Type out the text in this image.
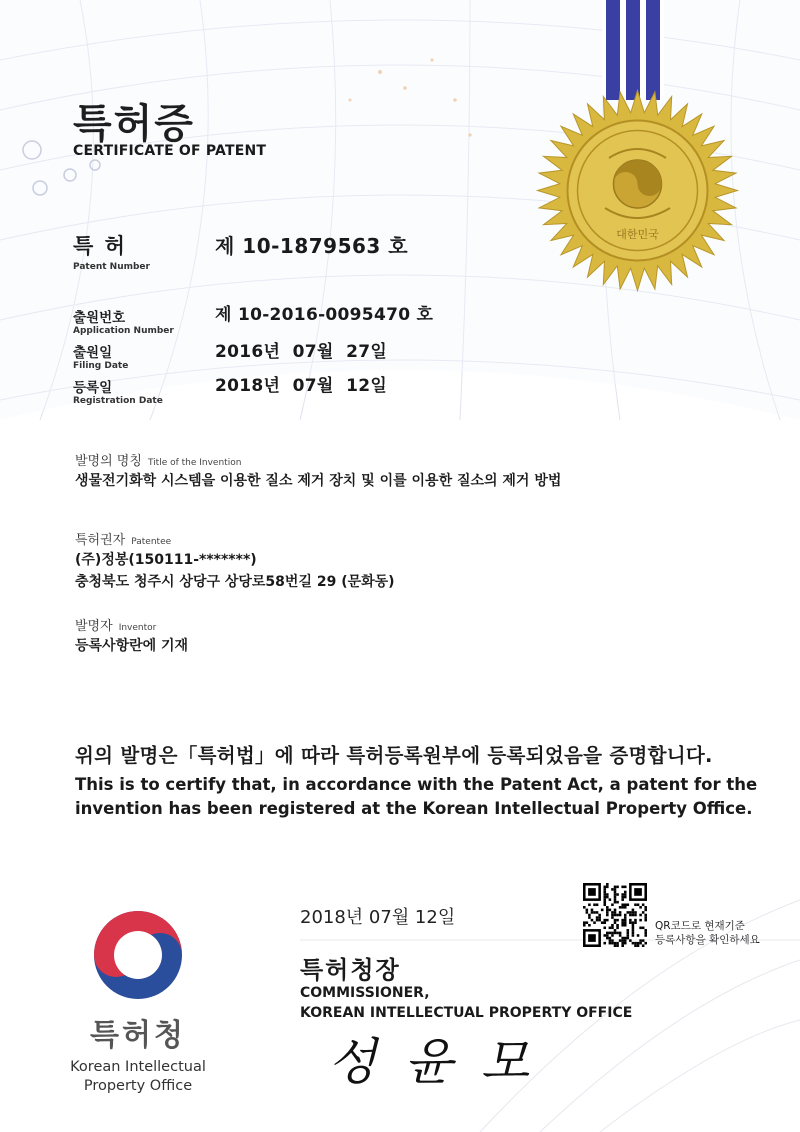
대한민국
특허증
CERTIFICATE OF PATENT
특 허
Patent Number
제 10-1879563 호
출원번호
Application Number
제 10-2016-0095470 호
출원일
Filing Date
2016년  07월  27일
등록일
Registration Date
2018년  07월  12일
발명의 명칭 Title of the Invention
생물전기화학 시스템을 이용한 질소 제거 장치 및 이를 이용한 질소의 제거 방법
특허권자 Patentee
(주)정봉(150111-*******)
충청북도 청주시 상당구 상당로58번길 29 (문화동)
발명자 Inventor
등록사항란에 기재
위의 발명은「특허법」에 따라 특허등록원부에 등록되었음을 증명합니다.
This is to certify that, in accordance with the Patent Act, a patent for the invention has been registered at the Korean Intellectual Property Office.
특허청
Korean Intellectual
Property Office
2018년 07월 12일
특허청장
COMMISSIONER,
KOREAN INTELLECTUAL PROPERTY OFFICE
성윤모
QR코드로 현재기준
등록사항을 확인하세요
